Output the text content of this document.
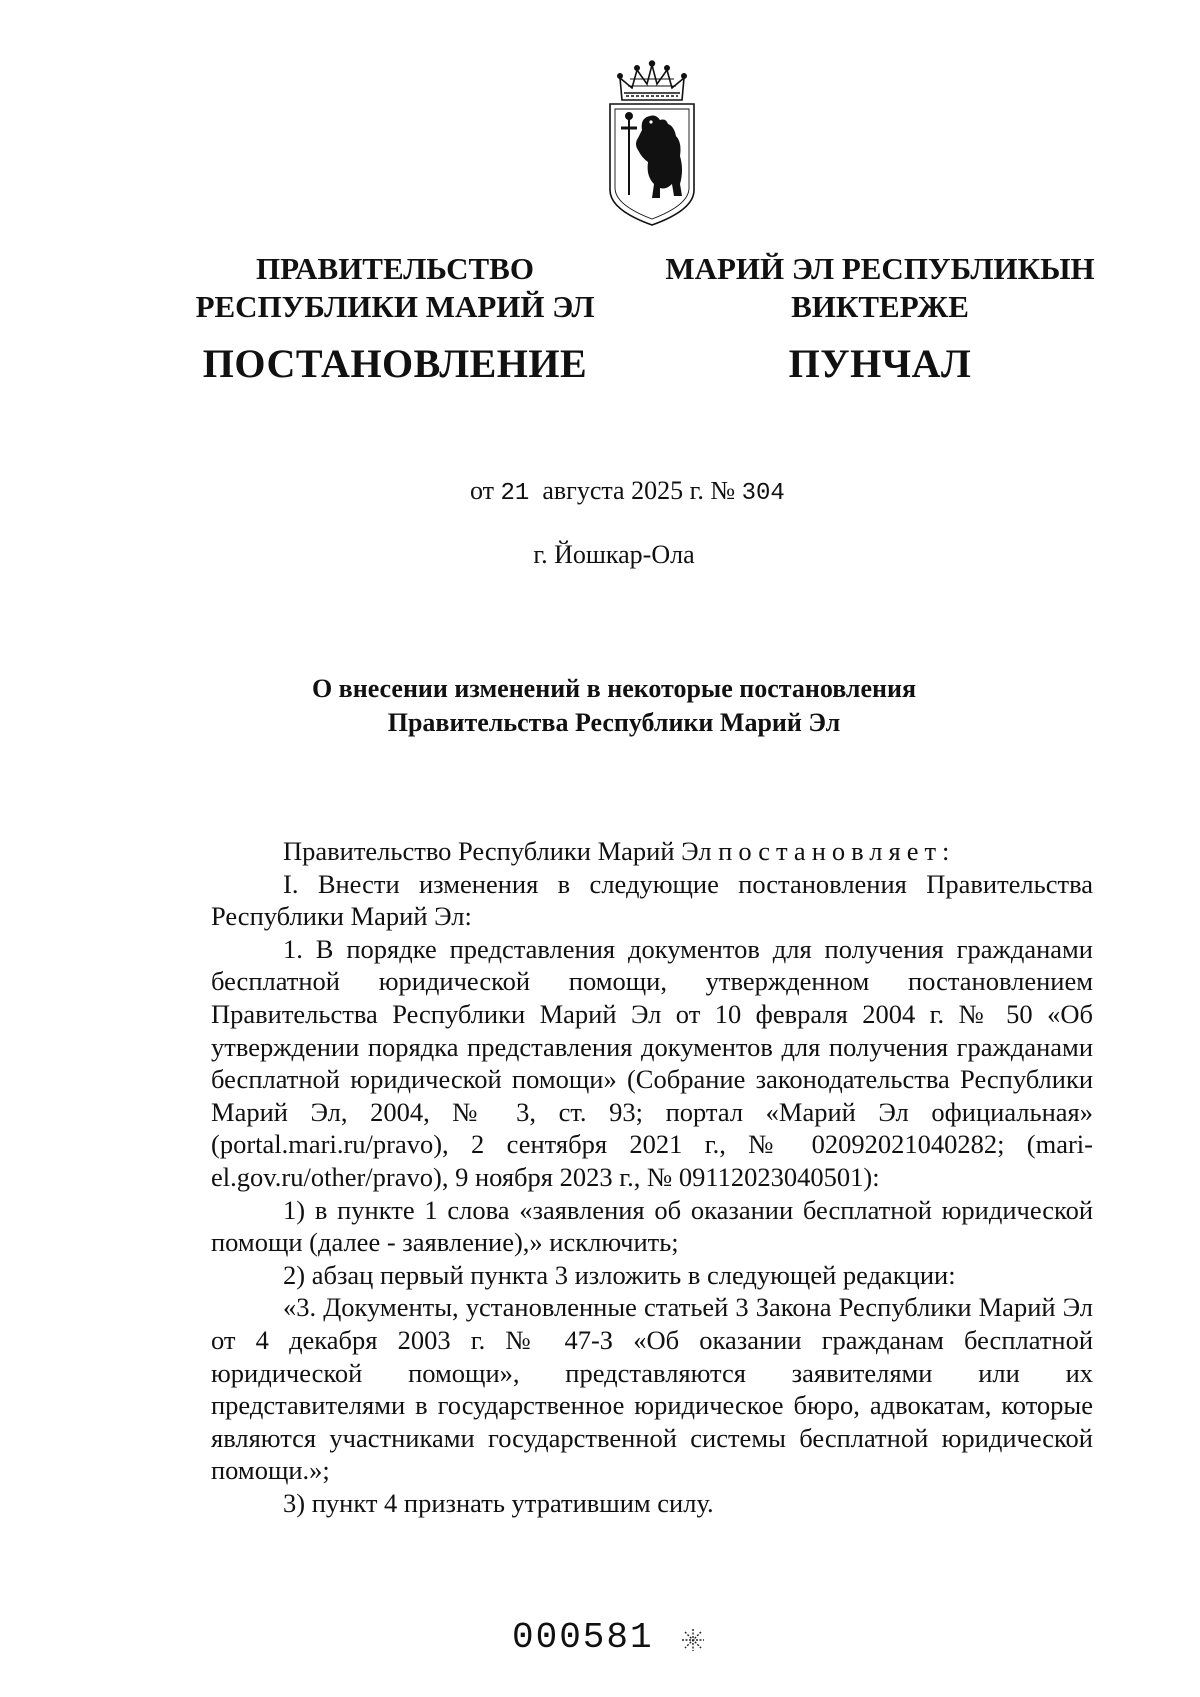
ПРАВИТЕЛЬСТВО
РЕСПУБЛИКИ МАРИЙ ЭЛ
ПОСТАНОВЛЕНИЕ
МАРИЙ ЭЛ РЕСПУБЛИКЫН
ВИКТЕРЖЕ
ПУНЧАЛ
от 21 августа 2025 г. № 304
г. Йошкар-Ола
О внесении изменений в некоторые постановления
Правительства Республики Марий Эл

Правительство Республики Марий Эл постановляет:

I. Внести изменения в следующие постановления Правительства Республики Марий Эл:

1. В порядке представления документов для получения гражданами бесплатной юридической помощи, утвержденном постановлением Правительства Республики Марий Эл от 10 февраля 2004 г. № 50 «Об утверждении порядка представления документов для получения гражданами бесплатной юридической помощи» (Собрание законодательства Республики Марий Эл, 2004, № 3, ст. 93; портал «Марий Эл официальная» (portal.mari.ru/pravo), 2 сентября 2021 г., № 02092021040282; (mari-el.gov.ru/other/pravo), 9 ноября 2023 г., № 09112023040501):

1) в пункте 1 слова «заявления об оказании бесплатной юридической помощи (далее - заявление),» исключить;

2) абзац первый пункта 3 изложить в следующей редакции:

«3. Документы, установленные статьей 3 Закона Республики Марий Эл от 4 декабря 2003 г. № 47-З «Об оказании гражданам бесплатной юридической помощи», представляются заявителями или их представителями в государственное юридическое бюро, адвокатам, которые являются участниками государственной системы бесплатной юридической помощи.»;

3) пункт 4 признать утратившим силу.

000581
